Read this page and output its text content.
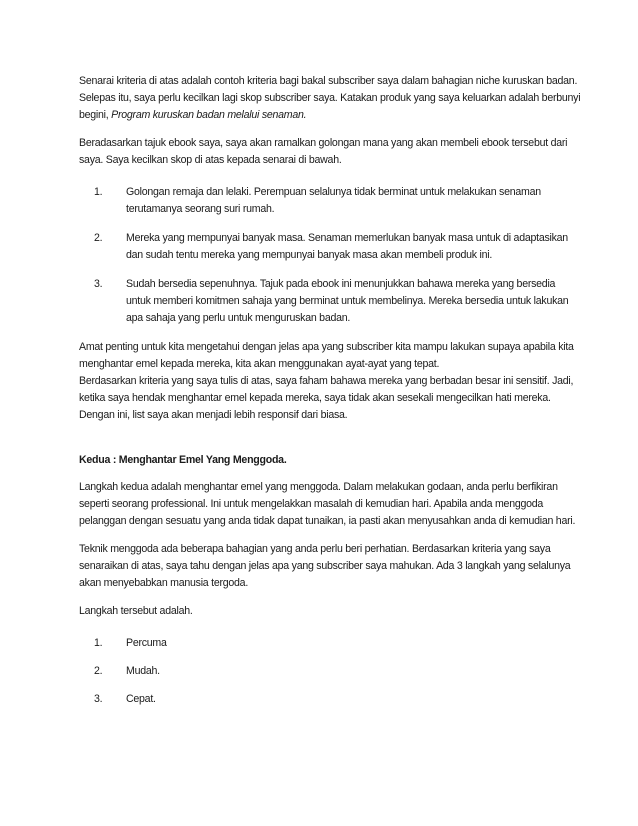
Senarai kriteria di atas adalah contoh kriteria bagi bakal subscriber saya dalam bahagian niche kuruskan badan. Selepas itu, saya perlu kecilkan lagi skop subscriber saya. Katakan produk yang saya keluarkan adalah berbunyi begini, Program kuruskan badan melalui senaman.

Beradasarkan tajuk ebook saya, saya akan ramalkan golongan mana yang akan membeli ebook tersebut dari saya. Saya kecilkan skop di atas kepada senarai di bawah.

1. Golongan remaja dan lelaki. Perempuan selalunya tidak berminat untuk melakukan senaman terutamanya seorang suri rumah.
2. Mereka yang mempunyai banyak masa. Senaman memerlukan banyak masa untuk di adaptasikan dan sudah tentu mereka yang mempunyai banyak masa akan membeli produk ini.
3. Sudah bersedia sepenuhnya. Tajuk pada ebook ini menunjukkan bahawa mereka yang bersedia untuk memberi komitmen sahaja yang berminat untuk membelinya. Mereka bersedia untuk lakukan apa sahaja yang perlu untuk menguruskan badan.

Amat penting untuk kita mengetahui dengan jelas apa yang subscriber kita mampu lakukan supaya apabila kita menghantar emel kepada mereka, kita akan menggunakan ayat-ayat yang tepat.

Berdasarkan kriteria yang saya tulis di atas, saya faham bahawa mereka yang berbadan besar ini sensitif. Jadi, ketika saya hendak menghantar emel kepada mereka, saya tidak akan sesekali mengecilkan hati mereka. Dengan ini, list saya akan menjadi lebih responsif dari biasa.

Kedua : Menghantar Emel Yang Menggoda.

Langkah kedua adalah menghantar emel yang menggoda. Dalam melakukan godaan, anda perlu berfikiran seperti seorang professional. Ini untuk mengelakkan masalah di kemudian hari. Apabila anda menggoda pelanggan dengan sesuatu yang anda tidak dapat tunaikan, ia pasti akan menyusahkan anda di kemudian hari.

Teknik menggoda ada beberapa bahagian yang anda perlu beri perhatian. Berdasarkan kriteria yang saya senaraikan di atas, saya tahu dengan jelas apa yang subscriber saya mahukan. Ada 3 langkah yang selalunya akan menyebabkan manusia tergoda.

Langkah tersebut adalah.

1. Percuma
2. Mudah.
3. Cepat.
